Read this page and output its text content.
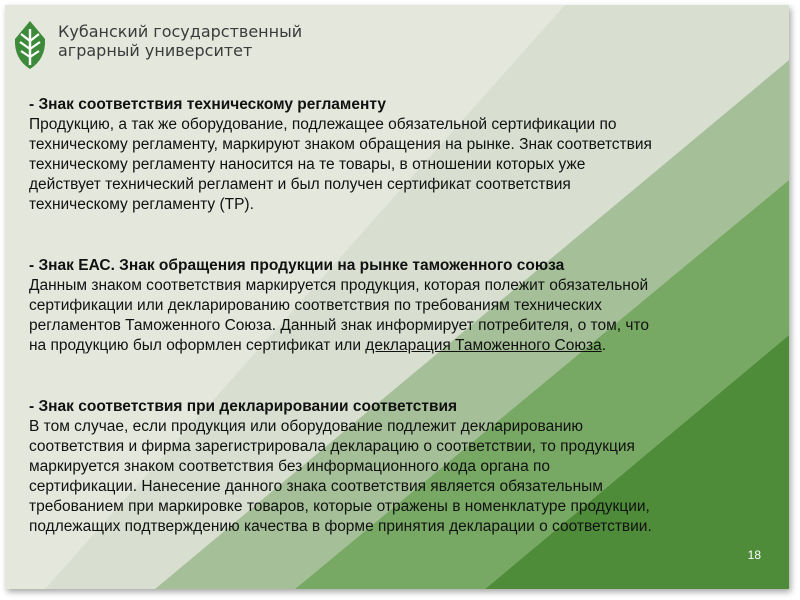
Кубанский государственный
аграрный университет
- Знак соответствия техническому регламенту
Продукцию, а так же оборудование, подлежащее обязательной сертификации по
техническому регламенту, маркируют знаком обращения на рынке. Знак соответствия
техническому регламенту наносится на те товары, в отношении которых уже
действует технический регламент и был получен сертификат соответствия
техническому регламенту (ТР).
- Знак ЕАС. Знак обращения продукции на рынке таможенного союза
Данным знаком соответствия маркируется продукция, которая полежит обязательной
сертификации или декларированию соответствия по требованиям технических
регламентов Таможенного Союза. Данный знак информирует потребителя, о том, что
на продукцию был оформлен сертификат или декларация Таможенного Союза.
- Знак соответствия при декларировании соответствия
В том случае, если продукция или оборудование подлежит декларированию
соответствия и фирма зарегистрировала декларацию о соответствии, то продукция
маркируется знаком соответствия без информационного кода органа по
сертификации. Нанесение данного знака соответствия является обязательным
требованием при маркировке товаров, которые отражены в номенклатуре продукции,
подлежащих подтверждению качества в форме принятия декларации о соответствии.
18
